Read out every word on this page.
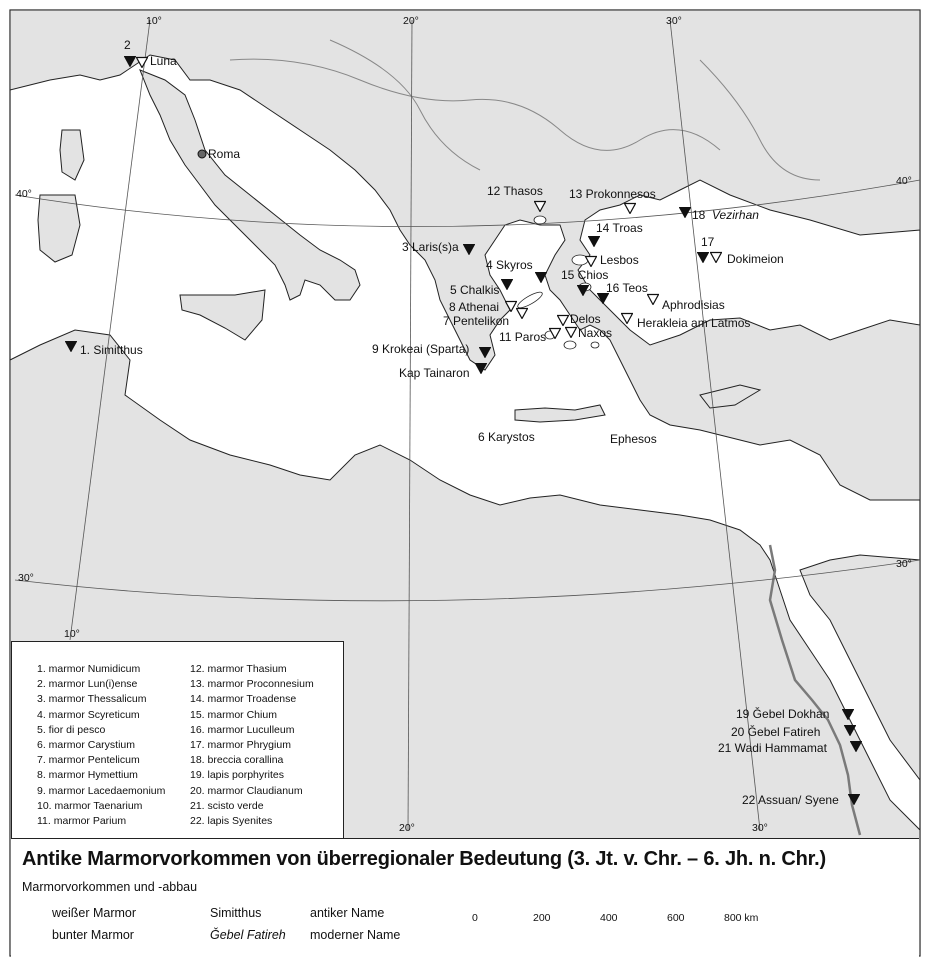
10°	20°	30°
40°
40°
30°
30°
10°
20°	30°
Roma
Luna
2
1. Simitthus
12 Thasos 13 Prokonnesos
18 Vezirhan
14 Troas
17
Dokimeion
3 Laris(s)a
Lesbos
4 Skyros
15 Chios
16 Teos
5 Chalkis
Aphrodisias
8 Athenai
7 Pentelikon	Delos	Herakleia am Latmos
11 Paros	Naxos
9 Krokeai (Sparta)
Kap Tainaron
6 Karystos	Ephesos
19 Ǧebel Dokhan
20 Ǧebel Fatireh
21 Wadi Hammamat
22 Assuan/ Syene
1. marmor Numidicum
2. marmor Lun(i)ense
3. marmor Thessalicum
4. marmor Scyreticum
5. fior di pesco
6. marmor Carystium
7. marmor Pentelicum
8. marmor Hymettium
9. marmor Lacedaemonium
10. marmor Taenarium
11. marmor Parium
12. marmor Thasium
13. marmor Proconnesium
14. marmor Troadense
15. marmor Chium
16. marmor Luculleum
17. marmor Phrygium
18. breccia corallina
19. lapis porphyrites
20. marmor Claudianum
21. scisto verde
22. lapis Syenites
Antike Marmorvorkommen von überregionaler Bedeutung (3. Jt. v. Chr. – 6. Jh. n. Chr.)
Marmorvorkommen und -abbau
weißer Marmor
bunter Marmor
Simitthus
Ǧebel Fatireh
antiker Name
moderner Name
0	200	400	600	800 km
